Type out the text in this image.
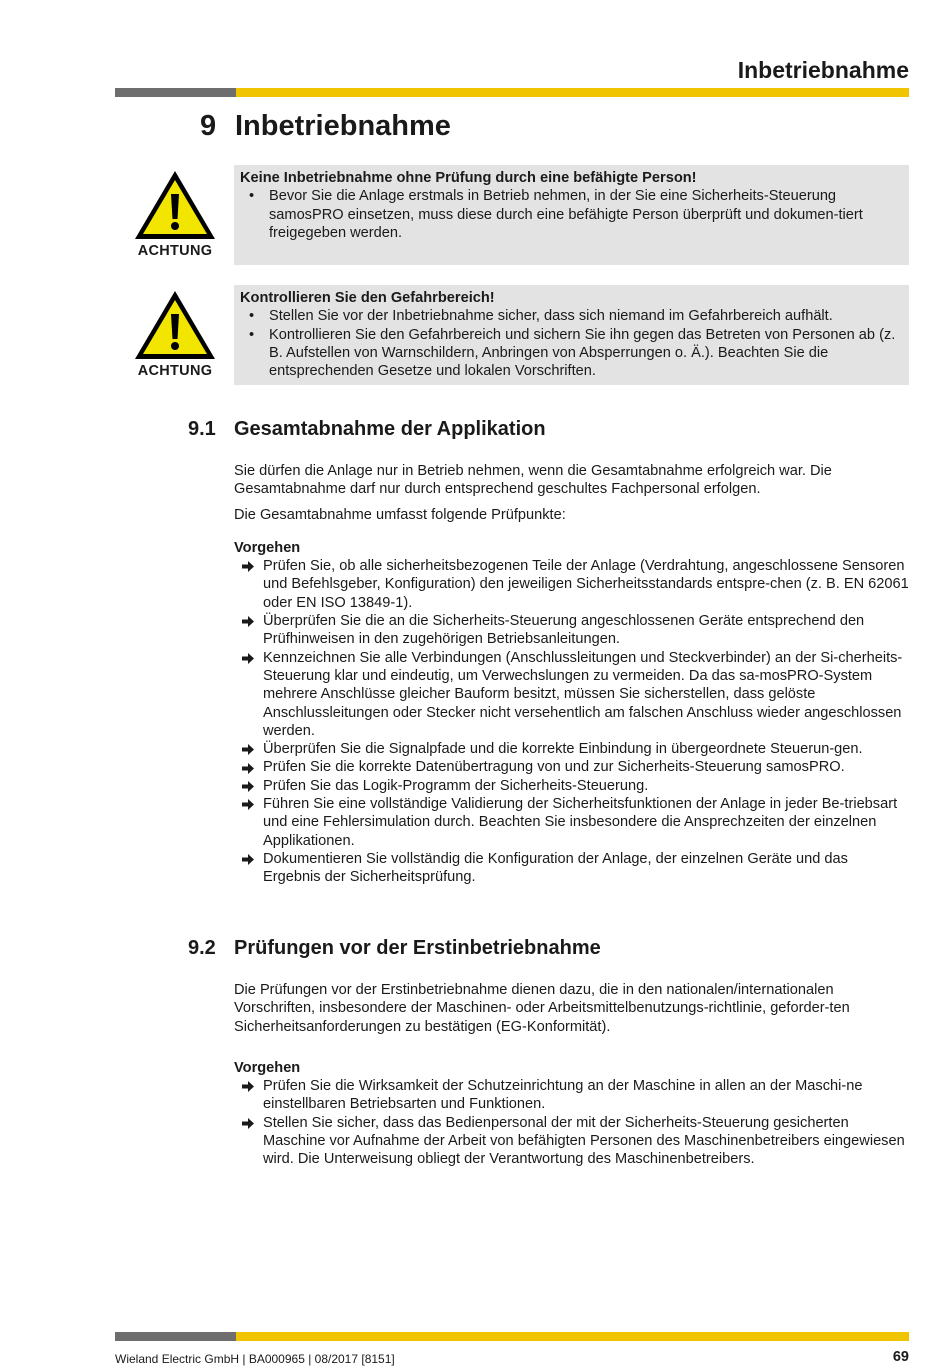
Inbetriebnahme
9 Inbetriebnahme
ACHTUNG
Keine Inbetriebnahme ohne Prüfung durch eine befähigte Person!
• Bevor Sie die Anlage erstmals in Betrieb nehmen, in der Sie eine Sicherheits-Steuerung samosPRO einsetzen, muss diese durch eine befähigte Person überprüft und dokumen-tiert freigegeben werden.
ACHTUNG
Kontrollieren Sie den Gefahrbereich!
• Stellen Sie vor der Inbetriebnahme sicher, dass sich niemand im Gefahrbereich aufhält.
• Kontrollieren Sie den Gefahrbereich und sichern Sie ihn gegen das Betreten von Personen ab (z. B. Aufstellen von Warnschildern, Anbringen von Absperrungen o. Ä.). Beachten Sie die entsprechenden Gesetze und lokalen Vorschriften.
9.1 Gesamtabnahme der Applikation

Sie dürfen die Anlage nur in Betrieb nehmen, wenn die Gesamtabnahme erfolgreich war. Die Gesamtabnahme darf nur durch entsprechend geschultes Fachpersonal erfolgen.

Die Gesamtabnahme umfasst folgende Prüfpunkte:

Vorgehen
Prüfen Sie, ob alle sicherheitsbezogenen Teile der Anlage (Verdrahtung, angeschlossene Sensoren und Befehlsgeber, Konfiguration) den jeweiligen Sicherheitsstandards entspre-chen (z. B. EN 62061 oder EN ISO 13849-1).
Überprüfen Sie die an die Sicherheits-Steuerung angeschlossenen Geräte entsprechend den Prüfhinweisen in den zugehörigen Betriebsanleitungen.
Kennzeichnen Sie alle Verbindungen (Anschlussleitungen und Steckverbinder) an der Si-cherheits-Steuerung klar und eindeutig, um Verwechslungen zu vermeiden. Da das sa-mosPRO-System mehrere Anschlüsse gleicher Bauform besitzt, müssen Sie sicherstellen, dass gelöste Anschlussleitungen oder Stecker nicht versehentlich am falschen Anschluss wieder angeschlossen werden.
Überprüfen Sie die Signalpfade und die korrekte Einbindung in übergeordnete Steuerun-gen.
Prüfen Sie die korrekte Datenübertragung von und zur Sicherheits-Steuerung samosPRO.
Prüfen Sie das Logik-Programm der Sicherheits-Steuerung.
Führen Sie eine vollständige Validierung der Sicherheitsfunktionen der Anlage in jeder Be-triebsart und eine Fehlersimulation durch. Beachten Sie insbesondere die Ansprechzeiten der einzelnen Applikationen.
Dokumentieren Sie vollständig die Konfiguration der Anlage, der einzelnen Geräte und das Ergebnis der Sicherheitsprüfung.
9.2 Prüfungen vor der Erstinbetriebnahme

Die Prüfungen vor der Erstinbetriebnahme dienen dazu, die in den nationalen/internationalen Vorschriften, insbesondere der Maschinen- oder Arbeitsmittelbenutzungs-richtlinie, geforder-ten Sicherheitsanforderungen zu bestätigen (EG-Konformität).

Vorgehen
Prüfen Sie die Wirksamkeit der Schutzeinrichtung an der Maschine in allen an der Maschi-ne einstellbaren Betriebsarten und Funktionen.
Stellen Sie sicher, dass das Bedienpersonal der mit der Sicherheits-Steuerung gesicherten Maschine vor Aufnahme der Arbeit von befähigten Personen des Maschinenbetreibers eingewiesen wird. Die Unterweisung obliegt der Verantwortung des Maschinenbetreibers.
Wieland Electric GmbH | BA000965 | 08/2017 [8151]	69
